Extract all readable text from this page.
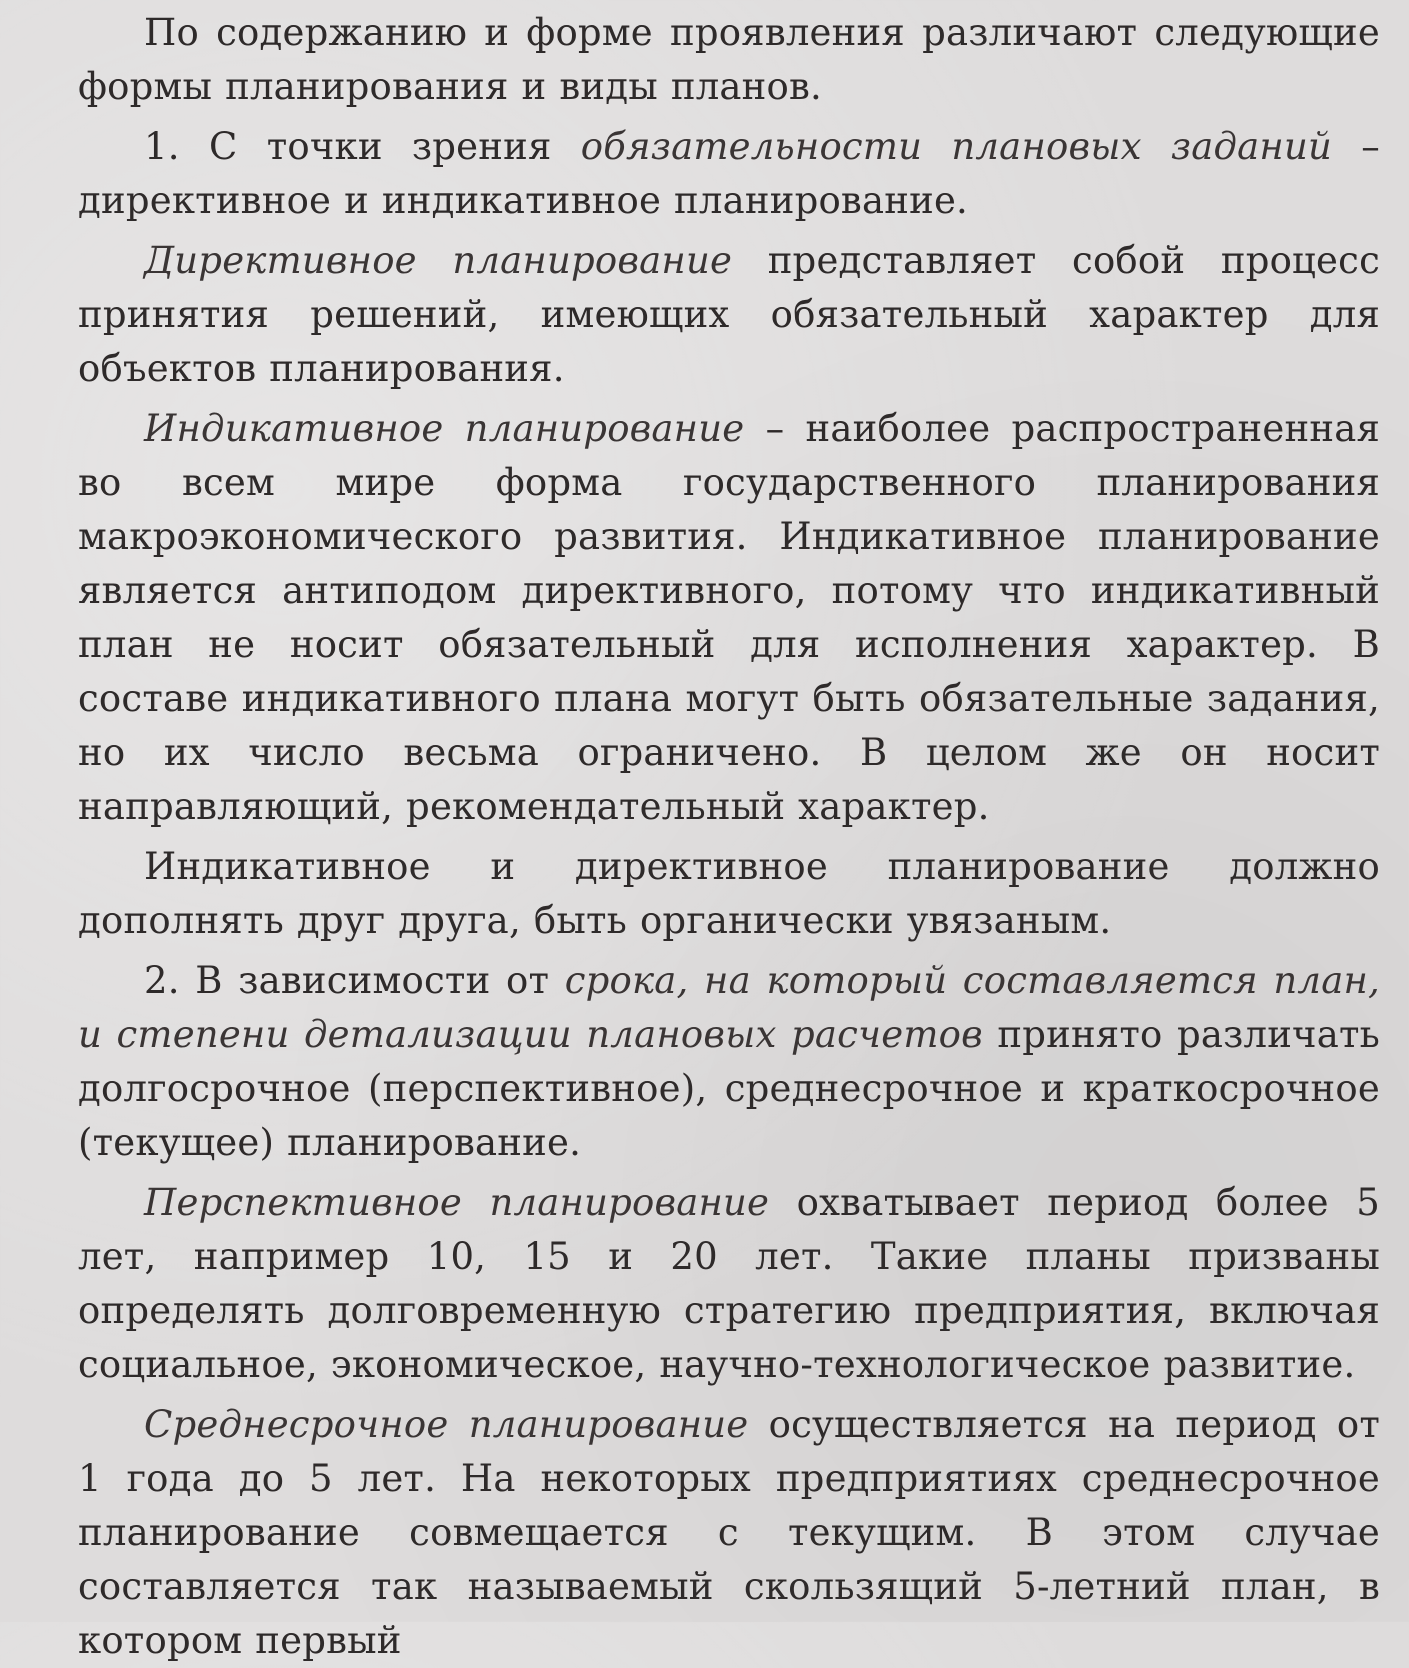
По содержанию и форме проявления различают следующие формы планирования и виды планов.

1. С точки зрения обязательности плановых заданий – директивное и индикативное планирование.

Директивное планирование представляет собой процесс принятия решений, имеющих обязательный характер для объектов планирования.

Индикативное планирование – наиболее распространенная во всем мире форма государственного планирования макроэкономического развития. Индикативное планирование является антиподом директивного, потому что индикативный план не носит обязательный для исполнения характер. В составе индикативного плана могут быть обязательные задания, но их число весьма ограничено. В целом же он носит направляющий, рекомендательный характер.

Индикативное и директивное планирование должно дополнять друг друга, быть органически увязаным.

2. В зависимости от срока, на который составляется план, и степени детализации плановых расчетов принято различать долгосрочное (перспективное), среднесрочное и краткосрочное (текущее) планирование.

Перспективное планирование охватывает период более 5 лет, например 10, 15 и 20 лет. Такие планы призваны определять долговременную стратегию предприятия, включая социальное, экономическое, научно-технологическое развитие.

Среднесрочное планирование осуществляется на период от 1 года до 5 лет. На некоторых предприятиях среднесрочное планирование совмещается с текущим. В этом случае составляется так называемый скользящий 5-летний план, в котором первый
